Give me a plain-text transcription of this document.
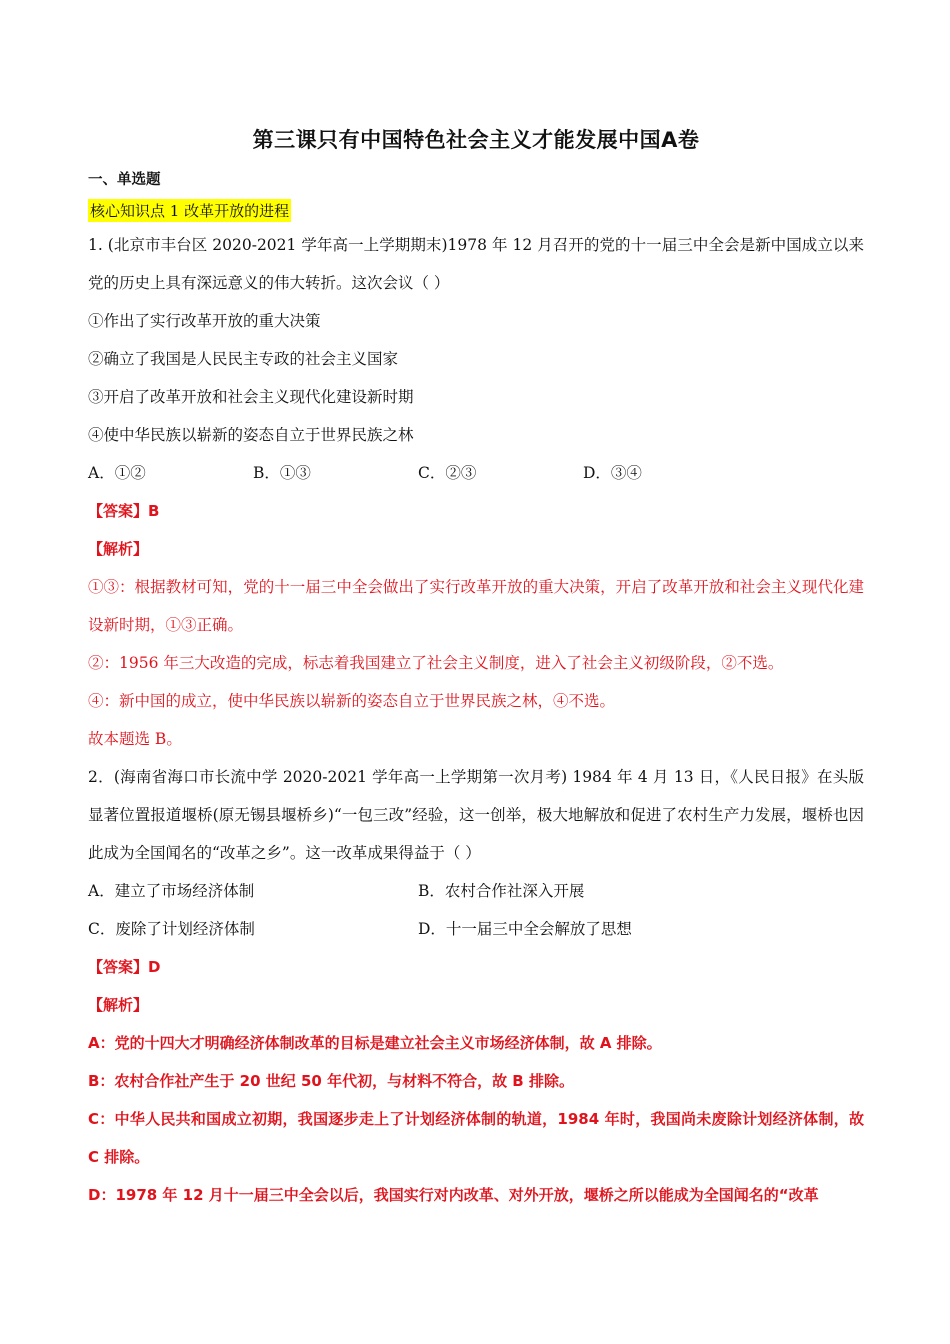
第三课只有中国特色社会主义才能发展中国A卷
一、单选题
核心知识点 1 改革开放的进程

1. (北京市丰台区 2020-2021 学年高一上学期期末)1978 年 12 月召开的党的十一届三中全会是新中国成立以来党的历史上具有深远意义的伟大转折。这次会议（ ）

①作出了实行改革开放的重大决策

②确立了我国是人民民主专政的社会主义国家

③开启了改革开放和社会主义现代化建设新时期

④使中华民族以崭新的姿态自立于世界民族之林

A．①②	B．①③	C．②③	D．③④

【答案】B

【解析】

①③：根据教材可知，党的十一届三中全会做出了实行改革开放的重大决策，开启了改革开放和社会主义现代化建设新时期，①③正确。

②：1956 年三大改造的完成，标志着我国建立了社会主义制度，进入了社会主义初级阶段，②不选。

④：新中国的成立，使中华民族以崭新的姿态自立于世界民族之林，④不选。

故本题选 B。

2．(海南省海口市长流中学 2020-2021 学年高一上学期第一次月考) 1984 年 4 月 13 日，《人民日报》在头版显著位置报道堰桥(原无锡县堰桥乡)“一包三改”经验，这一创举，极大地解放和促进了农村生产力发展，堰桥也因此成为全国闻名的“改革之乡”。这一改革成果得益于（ ）

A．建立了市场经济体制	B．农村合作社深入开展
C．废除了计划经济体制	D．十一届三中全会解放了思想

【答案】D

【解析】

A：党的十四大才明确经济体制改革的目标是建立社会主义市场经济体制，故 A 排除。

B：农村合作社产生于 20 世纪 50 年代初，与材料不符合，故 B 排除。

C：中华人民共和国成立初期，我国逐步走上了计划经济体制的轨道，1984 年时，我国尚未废除计划经济体制，故 C 排除。

D：1978 年 12 月十一届三中全会以后，我国实行对内改革、对外开放，堰桥之所以能成为全国闻名的“改革
